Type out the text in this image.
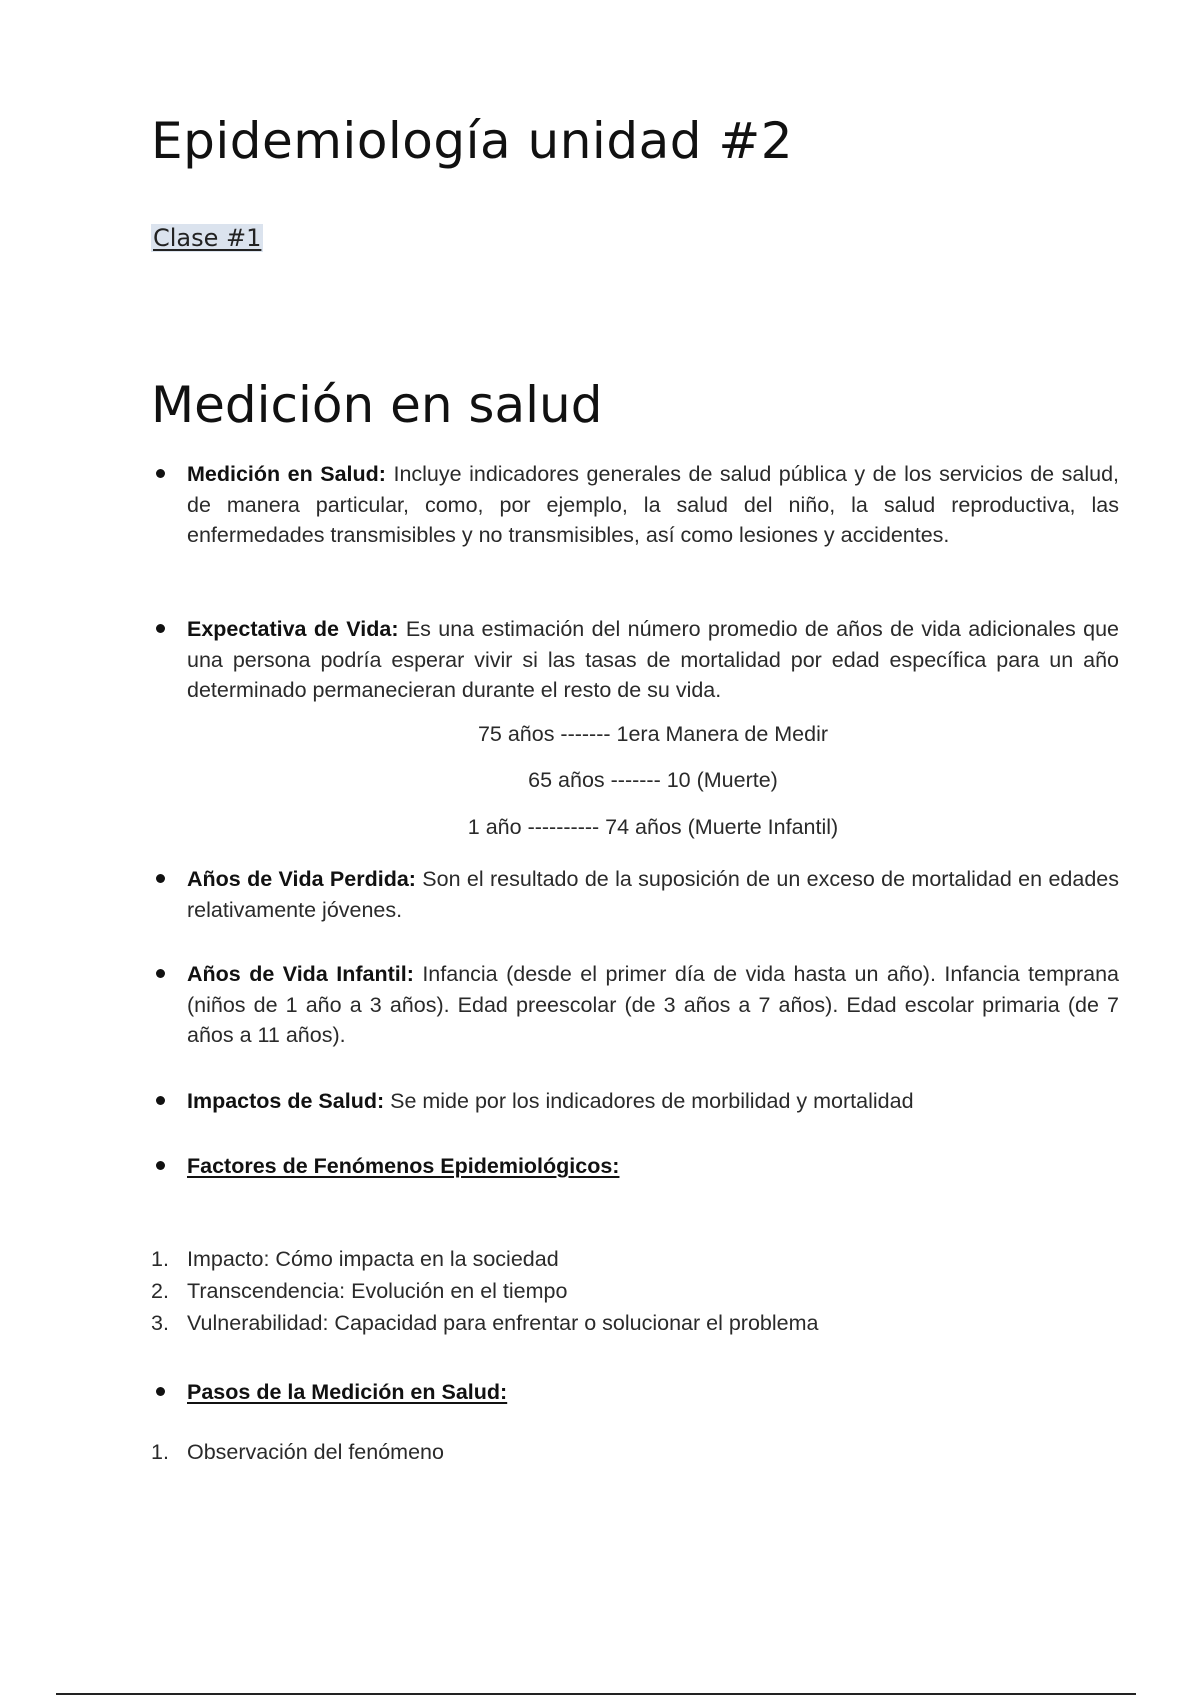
Epidemiología unidad #2
Clase #1
Medición en salud
Medición en Salud: Incluye indicadores generales de salud pública y de los servicios de salud, de manera particular, como, por ejemplo, la salud del niño, la salud reproductiva, las enfermedades transmisibles y no transmisibles, así como lesiones y accidentes.
Expectativa de Vida: Es una estimación del número promedio de años de vida adicionales que una persona podría esperar vivir si las tasas de mortalidad por edad específica para un año determinado permanecieran durante el resto de su vida.
75 años ------- 1era Manera de Medir
65 años ------- 10 (Muerte)
1 año ---------- 74 años (Muerte Infantil)
Años de Vida Perdida: Son el resultado de la suposición de un exceso de mortalidad en edades relativamente jóvenes.
Años de Vida Infantil: Infancia (desde el primer día de vida hasta un año). Infancia temprana (niños de 1 año a 3 años). Edad preescolar (de 3 años a 7 años). Edad escolar primaria (de 7 años a 11 años).
Impactos de Salud: Se mide por los indicadores de morbilidad y mortalidad
Factores de Fenómenos Epidemiológicos:
1. Impacto: Cómo impacta en la sociedad
2. Transcendencia: Evolución en el tiempo
3. Vulnerabilidad: Capacidad para enfrentar o solucionar el problema
Pasos de la Medición en Salud:
1. Observación del fenómeno
